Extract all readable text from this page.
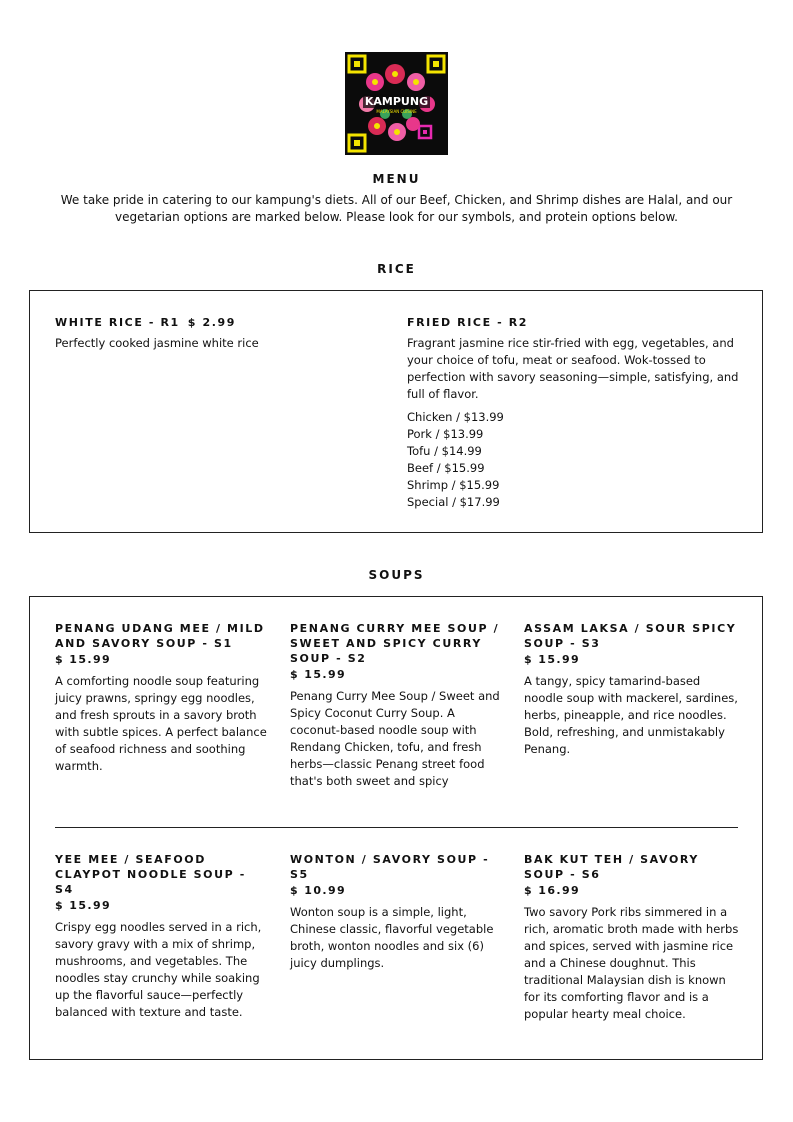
KAMPUNG
MALAYSIAN CUISINE
MENU
We take pride in catering to our kampung's diets. All of our Beef, Chicken, and Shrimp dishes are Halal, and our vegetarian options are marked below. Please look for our symbols, and protein options below.
RICE
WHITE RICE - R1 $ 2.99
Perfectly cooked jasmine white rice
FRIED RICE - R2
Fragrant jasmine rice stir-fried with egg, vegetables, and your choice of tofu, meat or seafood. Wok-tossed to perfection with savory seasoning—simple, satisfying, and full of flavor.
Chicken / $13.99
Pork / $13.99
Tofu / $14.99
Beef / $15.99
Shrimp / $15.99
Special / $17.99
SOUPS
PENANG UDANG MEE / MILD AND SAVORY SOUP - S1
$ 15.99
A comforting noodle soup featuring juicy prawns, springy egg noodles, and fresh sprouts in a savory broth with subtle spices. A perfect balance of seafood richness and soothing warmth.
PENANG CURRY MEE SOUP / SWEET AND SPICY CURRY SOUP - S2
$ 15.99
Penang Curry Mee Soup / Sweet and Spicy Coconut Curry Soup. A coconut-based noodle soup with Rendang Chicken, tofu, and fresh herbs—classic Penang street food that's both sweet and spicy
ASSAM LAKSA / SOUR SPICY SOUP - S3
$ 15.99
A tangy, spicy tamarind-based noodle soup with mackerel, sardines, herbs, pineapple, and rice noodles. Bold, refreshing, and unmistakably Penang.
YEE MEE / SEAFOOD CLAYPOT NOODLE SOUP - S4
$ 15.99
Crispy egg noodles served in a rich, savory gravy with a mix of shrimp, mushrooms, and vegetables. The noodles stay crunchy while soaking up the flavorful sauce—perfectly balanced with texture and taste.
WONTON / SAVORY SOUP - S5
$ 10.99
Wonton soup is a simple, light, Chinese classic, flavorful vegetable broth, wonton noodles and six (6) juicy dumplings.
BAK KUT TEH / SAVORY SOUP - S6
$ 16.99
Two savory Pork ribs simmered in a rich, aromatic broth made with herbs and spices, served with jasmine rice and a Chinese doughnut. This traditional Malaysian dish is known for its comforting flavor and is a popular hearty meal choice.
